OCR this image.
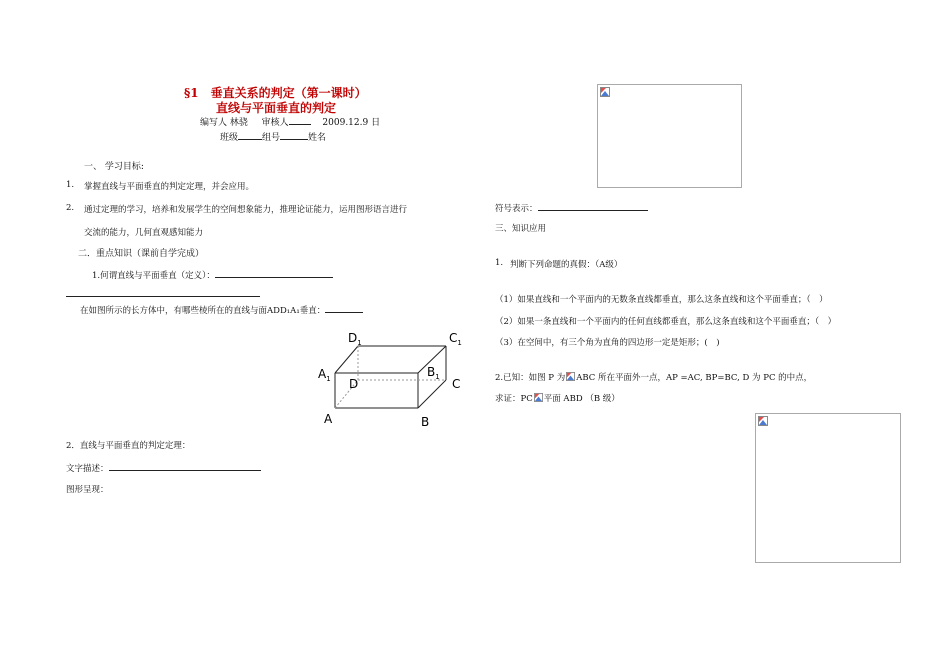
§1　垂直关系的判定（第一课时）
直线与平面垂直的判定
编写人 林骁 审核人	2009.12.9 日
班级	组号	姓名
一、 学习目标:
1. 掌握直线与平面垂直的判定定理，并会应用。
2. 通过定理的学习，培养和发展学生的空间想象能力，推理论证能力，运用图形语言进行
交流的能力，几何直观感知能力
二．重点知识（课前自学完成）
1.何谓直线与平面垂直（定义）：
在如图所示的长方体中，有哪些棱所在的直线与面ADD₁A₁垂直：
$D_1$	$C_1$
$A_1$	$B_1$
D	C
A	B
2．直线与平面垂直的判定定理：
文字描述：
图形呈现：
符号表示：
三、知识应用
1. 判断下列命题的真假：（A级）
（1）如果直线和一个平面内的无数条直线都垂直，那么这条直线和这个平面垂直；（　）
（2）如果一条直线和一个平面内的任何直线都垂直，那么这条直线和这个平面垂直；（　）
（3）在空间中，有三个角为直角的四边形一定是矩形；(　)
2.已知：如图 P 为 ABC 所在平面外一点，AP =AC, BP=BC, D 为 PC 的中点，
求证：PC 平面 ABD （B 级）
